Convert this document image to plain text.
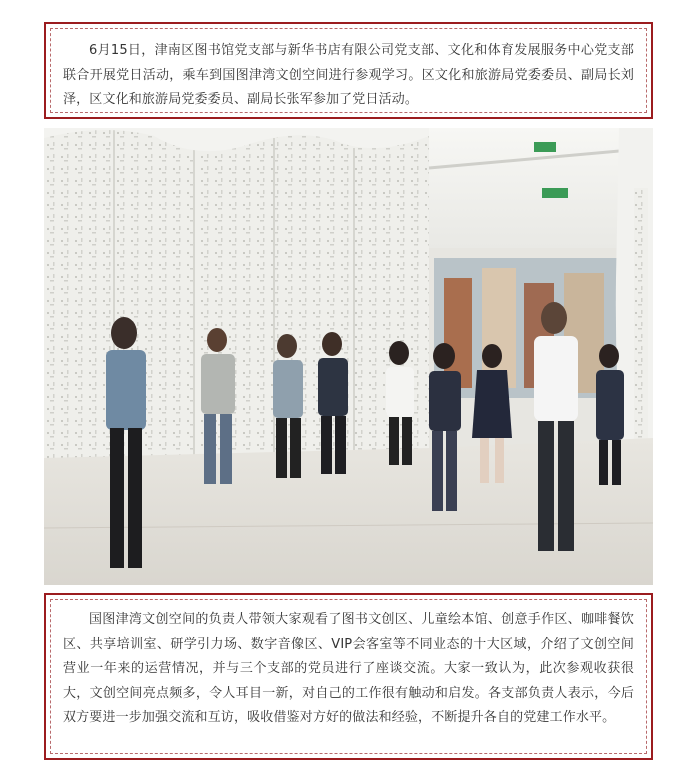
6月15日，津南区图书馆党支部与新华书店有限公司党支部、文化和体育发展服务中心党支部联合开展党日活动，乘车到国图津湾文创空间进行参观学习。区文化和旅游局党委委员、副局长刘泽，区文化和旅游局党委委员、副局长张军参加了党日活动。

国图津湾文创空间的负责人带领大家观看了图书文创区、儿童绘本馆、创意手作区、咖啡餐饮区、共享培训室、研学引力场、数字音像区、VIP会客室等不同业态的十大区域，介绍了文创空间营业一年来的运营情况，并与三个支部的党员进行了座谈交流。大家一致认为，此次参观收获很大，文创空间亮点频多，令人耳目一新，对自己的工作很有触动和启发。各支部负责人表示，今后双方要进一步加强交流和互访，吸收借鉴对方好的做法和经验，不断提升各自的党建工作水平。
